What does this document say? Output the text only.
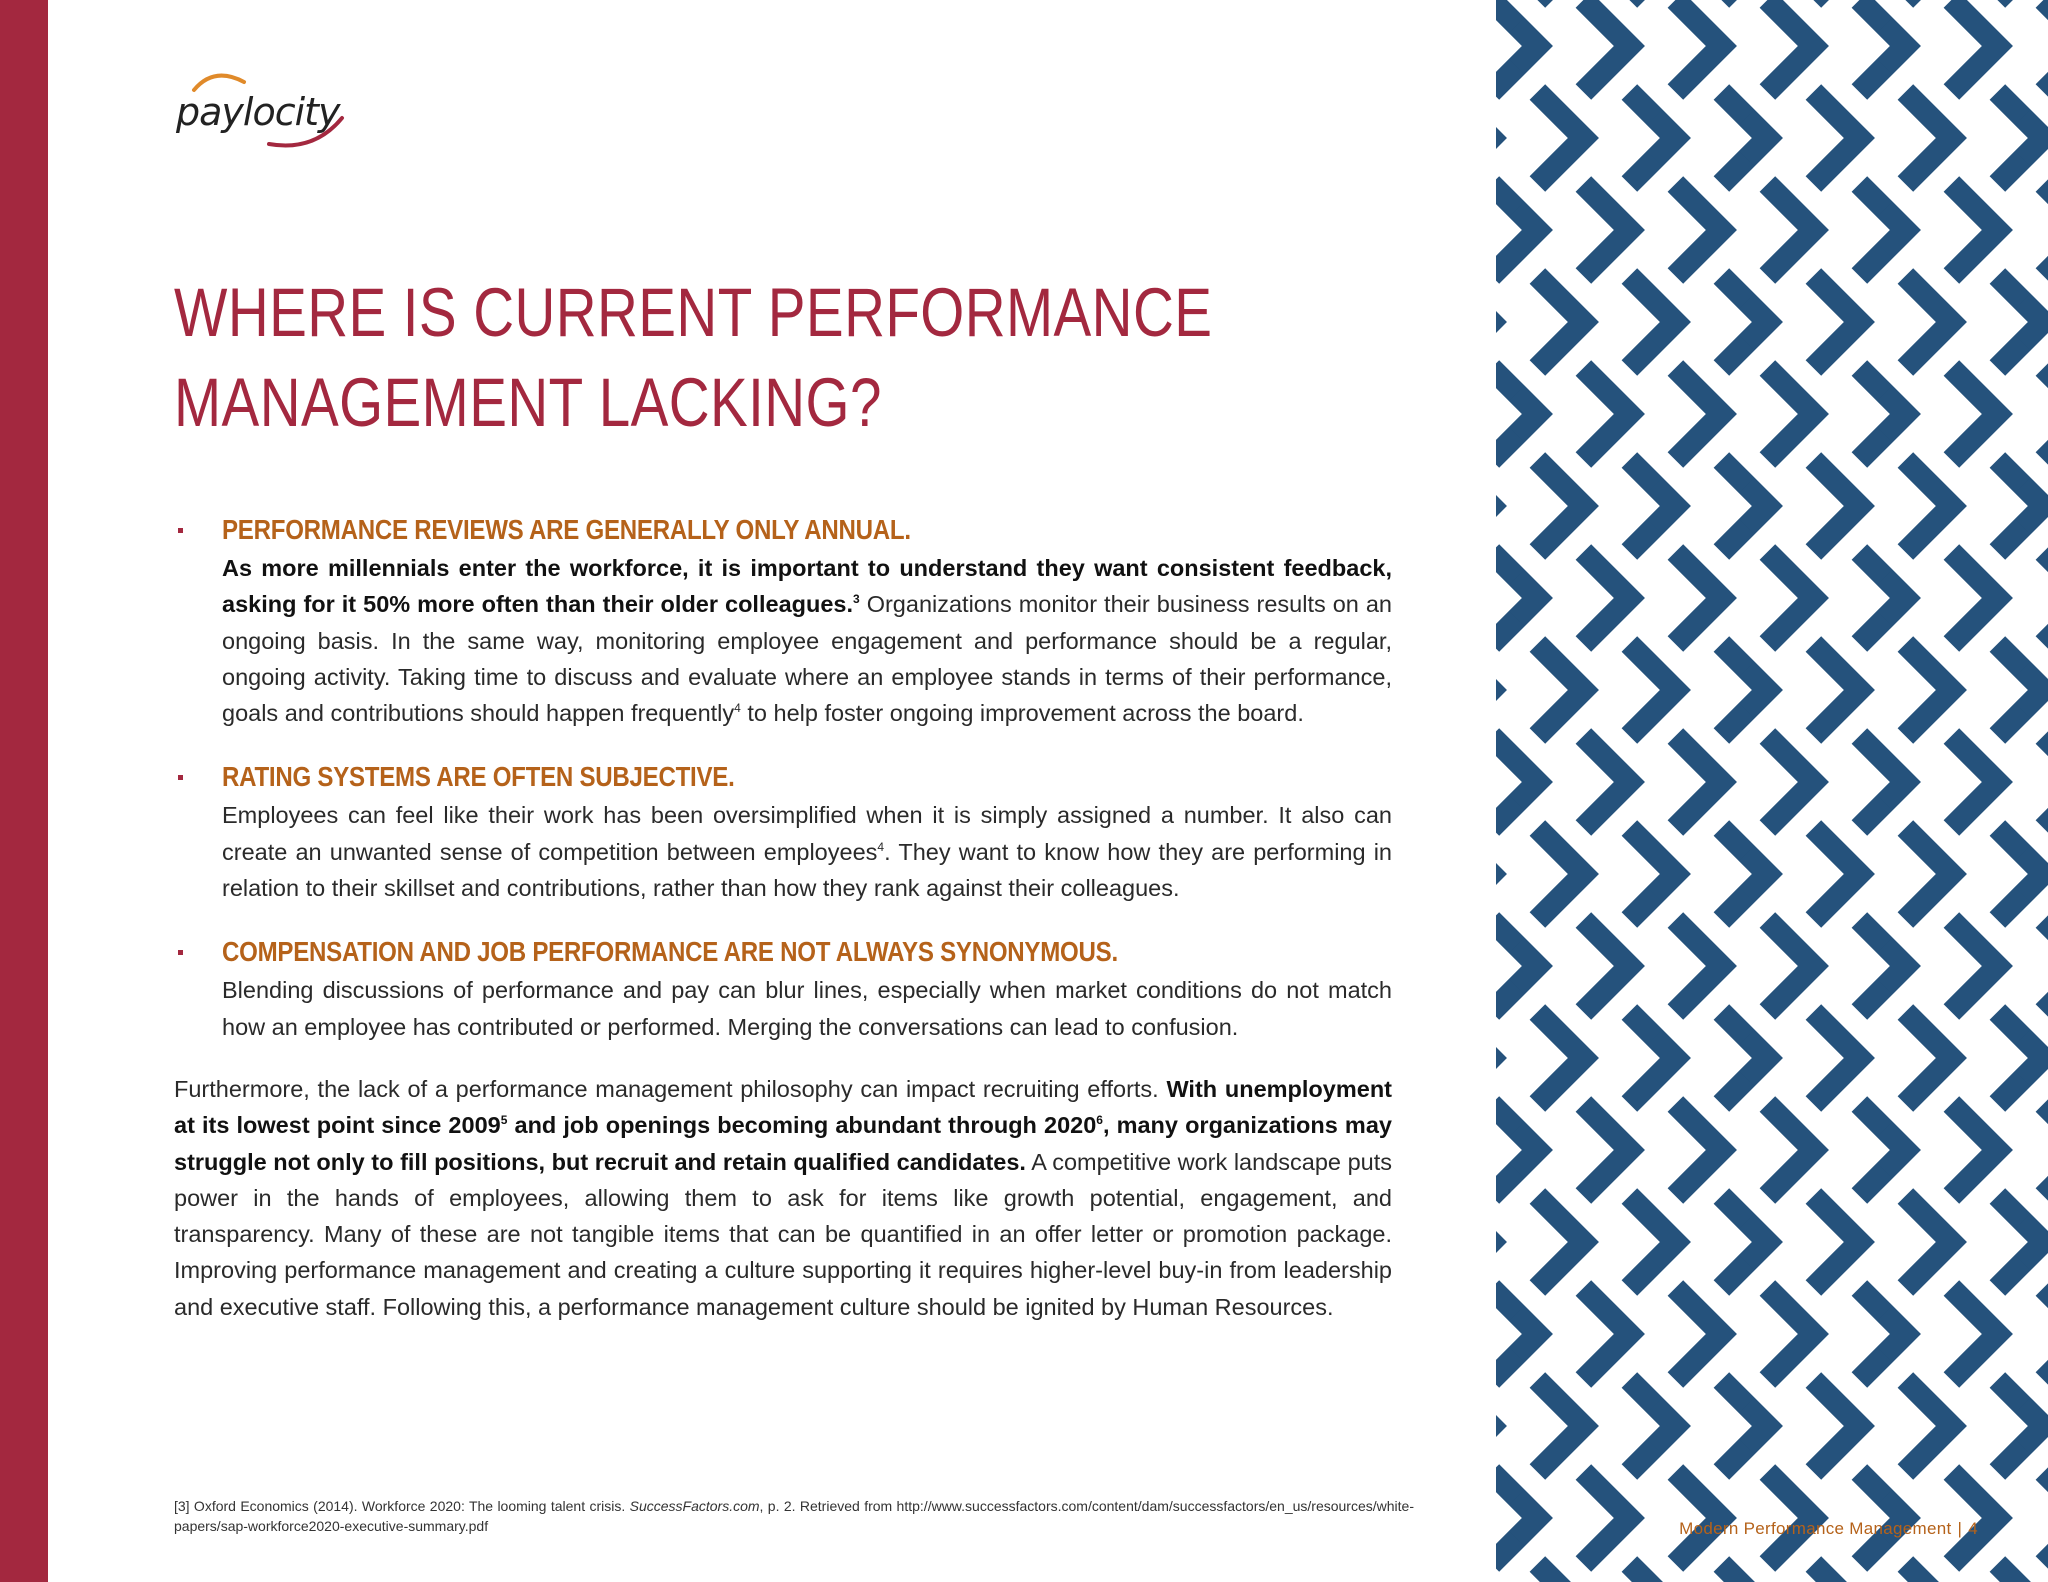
paylocity
WHERE IS CURRENT PERFORMANCE
MANAGEMENT LACKING?
PERFORMANCE REVIEWS ARE GENERALLY ONLY ANNUAL.
As more millennials enter the workforce, it is important to understand they want consistent feedback, asking for it 50% more often than their older colleagues.$^3$ Organizations monitor their business results on an ongoing basis. In the same way, monitoring employee engagement and performance should be a regular, ongoing activity. Taking time to discuss and evaluate where an employee stands in terms of their performance, goals and contributions should happen frequently$^4$ to help foster ongoing improvement across the board.
RATING SYSTEMS ARE OFTEN SUBJECTIVE.
Employees can feel like their work has been oversimplified when it is simply assigned a number. It also can create an unwanted sense of competition between employees$^4$. They want to know how they are performing in relation to their skillset and contributions, rather than how they rank against their colleagues.
COMPENSATION AND JOB PERFORMANCE ARE NOT ALWAYS SYNONYMOUS.
Blending discussions of performance and pay can blur lines, especially when market conditions do not match how an employee has contributed or performed. Merging the conversations can lead to confusion.
Furthermore, the lack of a performance management philosophy can impact recruiting efforts. With unemployment at its lowest point since 2009$^5$ and job openings becoming abundant through 2020$^6$, many organizations may struggle not only to fill positions, but recruit and retain qualified candidates. A competitive work landscape puts power in the hands of employees, allowing them to ask for items like growth potential, engagement, and transparency. Many of these are not tangible items that can be quantified in an offer letter or promotion package. Improving performance management and creating a culture supporting it requires higher-level buy-in from leadership and executive staff. Following this, a performance management culture should be ignited by Human Resources.
[3] Oxford Economics (2014). Workforce 2020: The looming talent crisis. SuccessFactors.com, p. 2. Retrieved from http://www.successfactors.com/content/dam/successfactors/en_us/resources/white-papers/sap-workforce2020-executive-summary.pdf	Modern Performance Management | 4
